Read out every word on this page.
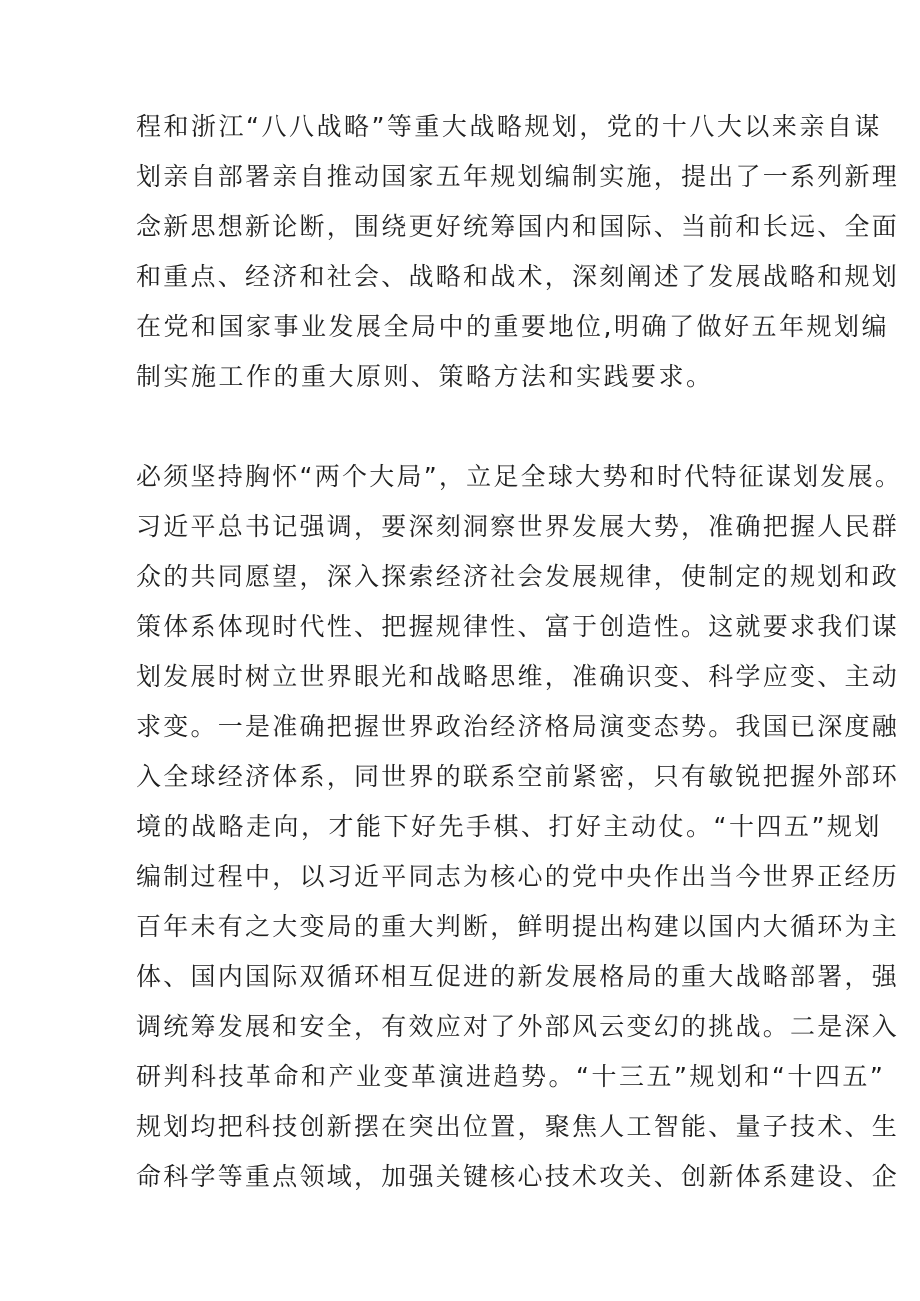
程和浙江“八八战略”等重大战略规划，党的十八大以来亲自谋
划亲自部署亲自推动国家五年规划编制实施，提出了一系列新理
念新思想新论断，围绕更好统筹国内和国际、当前和长远、全面
和重点、经济和社会、战略和战术，深刻阐述了发展战略和规划
在党和国家事业发展全局中的重要地位,明确了做好五年规划编
制实施工作的重大原则、策略方法和实践要求。
必须坚持胸怀“两个大局”，立足全球大势和时代特征谋划发展。
习近平总书记强调，要深刻洞察世界发展大势，准确把握人民群
众的共同愿望，深入探索经济社会发展规律，使制定的规划和政
策体系体现时代性、把握规律性、富于创造性。这就要求我们谋
划发展时树立世界眼光和战略思维，准确识变、科学应变、主动
求变。一是准确把握世界政治经济格局演变态势。我国已深度融
入全球经济体系，同世界的联系空前紧密，只有敏锐把握外部环
境的战略走向，才能下好先手棋、打好主动仗。“十四五”规划
编制过程中，以习近平同志为核心的党中央作出当今世界正经历
百年未有之大变局的重大判断，鲜明提出构建以国内大循环为主
体、国内国际双循环相互促进的新发展格局的重大战略部署，强
调统筹发展和安全，有效应对了外部风云变幻的挑战。二是深入
研判科技革命和产业变革演进趋势。“十三五”规划和“十四五”
规划均把科技创新摆在突出位置，聚焦人工智能、量子技术、生
命科学等重点领域，加强关键核心技术攻关、创新体系建设、企
